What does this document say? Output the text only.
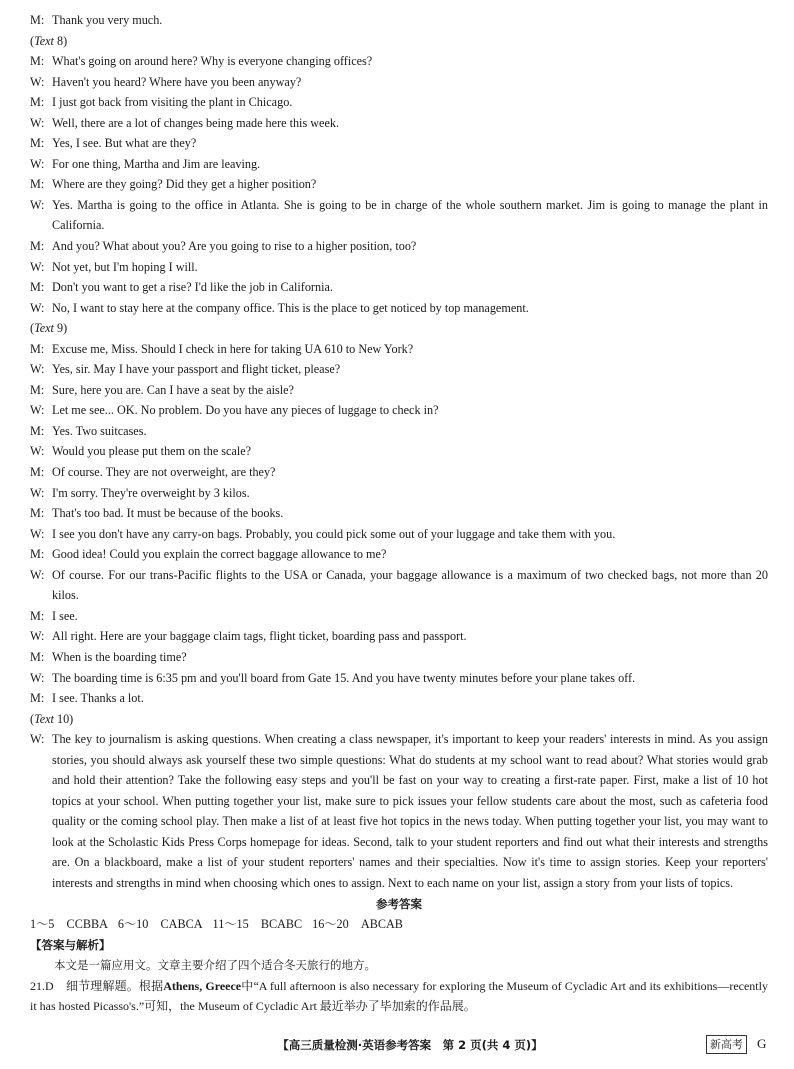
M: Thank you very much.
(Text 8)
M: What's going on around here? Why is everyone changing offices?
W: Haven't you heard? Where have you been anyway?
M: I just got back from visiting the plant in Chicago.
W: Well, there are a lot of changes being made here this week.
M: Yes, I see. But what are they?
W: For one thing, Martha and Jim are leaving.
M: Where are they going? Did they get a higher position?
W: Yes. Martha is going to the office in Atlanta. She is going to be in charge of the whole southern market. Jim is going to manage the plant in California.
M: And you? What about you? Are you going to rise to a higher position, too?
W: Not yet, but I'm hoping I will.
M: Don't you want to get a rise? I'd like the job in California.
W: No, I want to stay here at the company office. This is the place to get noticed by top management.
(Text 9)
M: Excuse me, Miss. Should I check in here for taking UA 610 to New York?
W: Yes, sir. May I have your passport and flight ticket, please?
M: Sure, here you are. Can I have a seat by the aisle?
W: Let me see... OK. No problem. Do you have any pieces of luggage to check in?
M: Yes. Two suitcases.
W: Would you please put them on the scale?
M: Of course. They are not overweight, are they?
W: I'm sorry. They're overweight by 3 kilos.
M: That's too bad. It must be because of the books.
W: I see you don't have any carry-on bags. Probably, you could pick some out of your luggage and take them with you.
M: Good idea! Could you explain the correct baggage allowance to me?
W: Of course. For our trans-Pacific flights to the USA or Canada, your baggage allowance is a maximum of two checked bags, not more than 20 kilos.
M: I see.
W: All right. Here are your baggage claim tags, flight ticket, boarding pass and passport.
M: When is the boarding time?
W: The boarding time is 6:35 pm and you'll board from Gate 15. And you have twenty minutes before your plane takes off.
M: I see. Thanks a lot.
(Text 10)
W: The key to journalism is asking questions. When creating a class newspaper, it's important to keep your readers' interests in mind. As you assign stories, you should always ask yourself these two simple questions: What do students at my school want to read about? What stories would grab and hold their attention? Take the following easy steps and you'll be fast on your way to creating a first-rate paper. First, make a list of 10 hot topics at your school. When putting together your list, make sure to pick issues your fellow students care about the most, such as cafeteria food quality or the coming school play. Then make a list of at least five hot topics in the news today. When putting together your list, you may want to look at the Scholastic Kids Press Corps homepage for ideas. Second, talk to your student reporters and find out what their interests and strengths are. On a blackboard, make a list of your student reporters' names and their specialties. Now it's time to assign stories. Keep your reporters' interests and strengths in mind when choosing which ones to assign. Next to each name on your list, assign a story from your lists of topics.
参考答案
1～5　CCBBA 6～10　CABCA 11～15　BCABC 16～20　ABCAB
【答案与解析】
本文是一篇应用文。文章主要介绍了四个适合冬天旅行的地方。
21.D　细节理解题。根据Athens, Greece中“A full afternoon is also necessary for exploring the Museum of Cycladic Art and its exhibitions—recently it has hosted Picasso's.”可知，the Museum of Cycladic Art 最近举办了毕加索的作品展。
【高三质量检测·英语参考答案　第 2 页(共 4 页)】	新高考	G
